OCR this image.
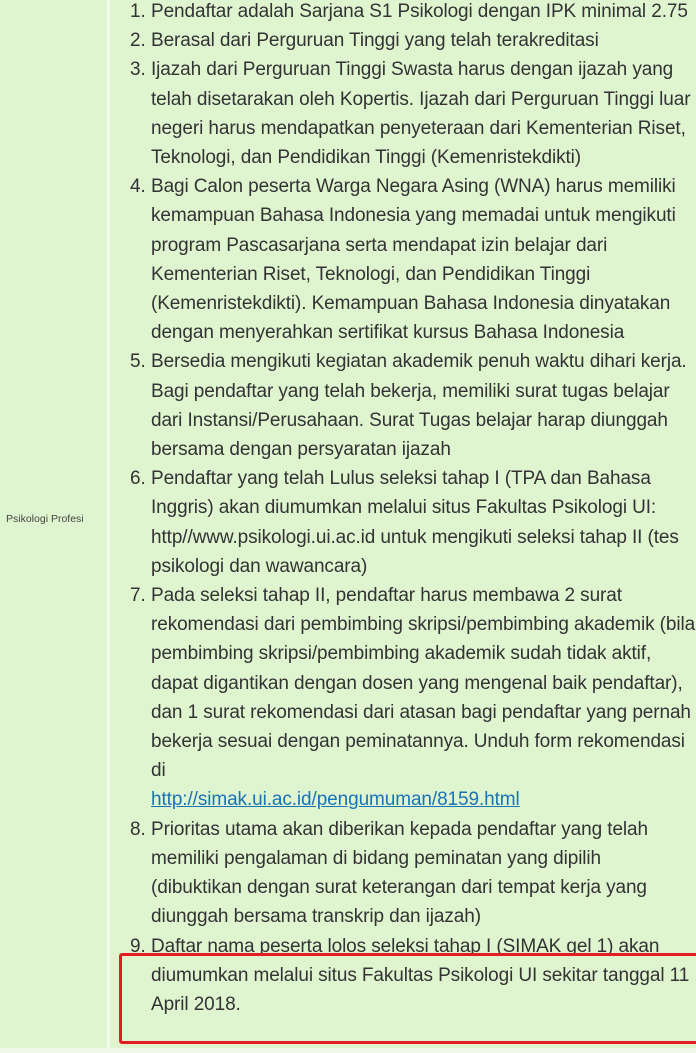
Psikologi Profesi
1. Pendaftar adalah Sarjana S1 Psikologi dengan IPK minimal 2.75
2. Berasal dari Perguruan Tinggi yang telah terakreditasi
3. Ijazah dari Perguruan Tinggi Swasta harus dengan ijazah yang telah disetarakan oleh Kopertis. Ijazah dari Perguruan Tinggi luar negeri harus mendapatkan penyeteraan dari Kementerian Riset, Teknologi, dan Pendidikan Tinggi (Kemenristekdikti)
4. Bagi Calon peserta Warga Negara Asing (WNA) harus memiliki kemampuan Bahasa Indonesia yang memadai untuk mengikuti program Pascasarjana serta mendapat izin belajar dari Kementerian Riset, Teknologi, dan Pendidikan Tinggi (Kemenristekdikti). Kemampuan Bahasa Indonesia dinyatakan dengan menyerahkan sertifikat kursus Bahasa Indonesia
5. Bersedia mengikuti kegiatan akademik penuh waktu dihari kerja. Bagi pendaftar yang telah bekerja, memiliki surat tugas belajar dari Instansi/Perusahaan. Surat Tugas belajar harap diunggah bersama dengan persyaratan ijazah
6. Pendaftar yang telah Lulus seleksi tahap I (TPA dan Bahasa Inggris) akan diumumkan melalui situs Fakultas Psikologi UI: http//www.psikologi.ui.ac.id untuk mengikuti seleksi tahap II (tes psikologi dan wawancara)
7. Pada seleksi tahap II, pendaftar harus membawa 2 surat rekomendasi dari pembimbing skripsi/pembimbing akademik (bila pembimbing skripsi/pembimbing akademik sudah tidak aktif, dapat digantikan dengan dosen yang mengenal baik pendaftar), dan 1 surat rekomendasi dari atasan bagi pendaftar yang pernah bekerja sesuai dengan peminatannya. Unduh form rekomendasi di
http://simak.ui.ac.id/pengumuman/8159.html
8. Prioritas utama akan diberikan kepada pendaftar yang telah memiliki pengalaman di bidang peminatan yang dipilih (dibuktikan dengan surat keterangan dari tempat kerja yang diunggah bersama transkrip dan ijazah)
9. Daftar nama peserta lolos seleksi tahap I (SIMAK gel 1) akan diumumkan melalui situs Fakultas Psikologi UI sekitar tanggal 11 April 2018.
